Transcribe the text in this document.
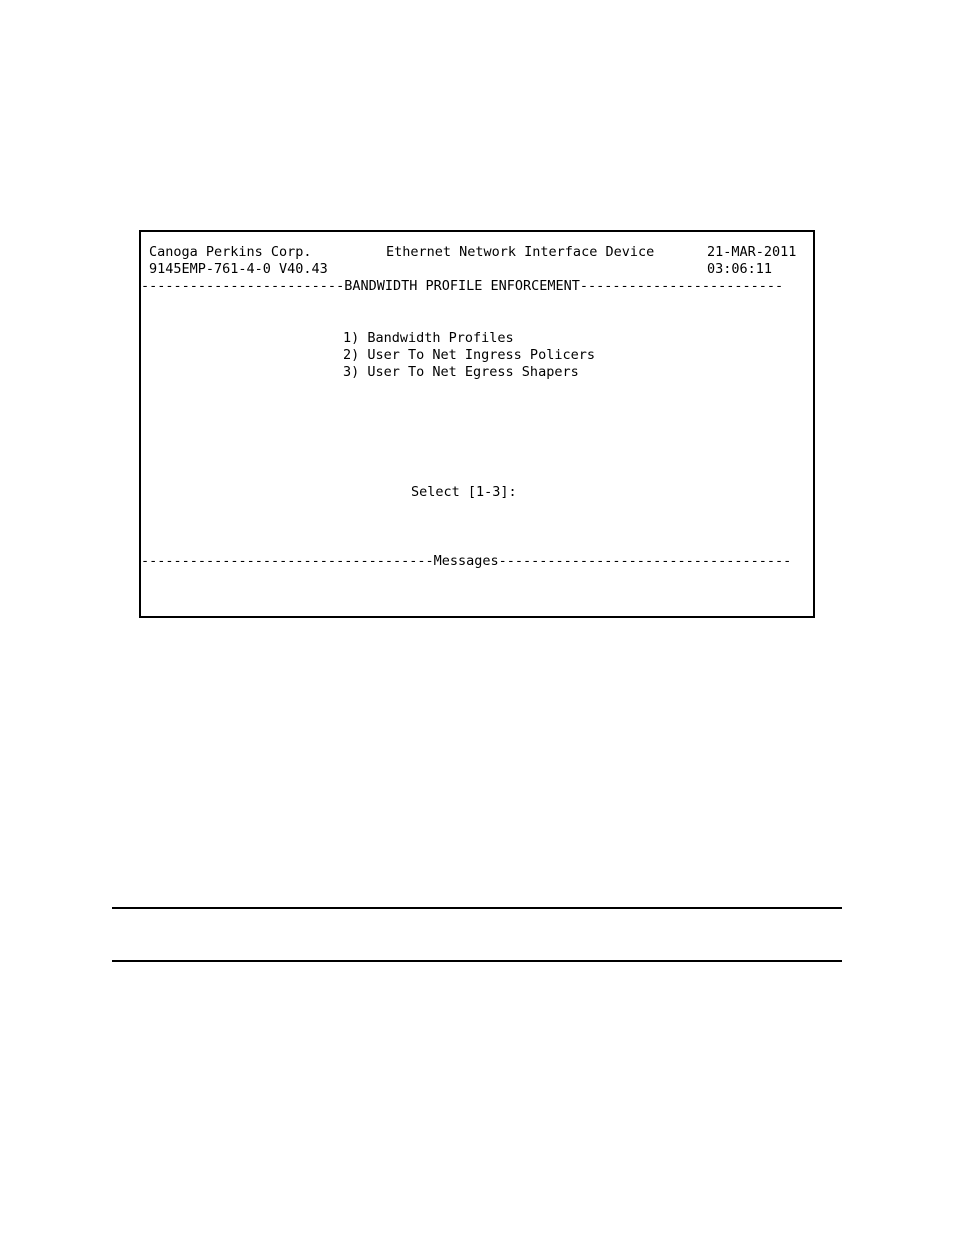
Canoga Perkins Corp.	Ethernet Network Interface Device	21-MAR-2011
9145EMP-761-4-0 V40.43	03:06:11
-------------------------BANDWIDTH PROFILE ENFORCEMENT-------------------------
1) Bandwidth Profiles
2) User To Net Ingress Policers
3) User To Net Egress Shapers
Select [1-3]:
------------------------------------Messages------------------------------------
